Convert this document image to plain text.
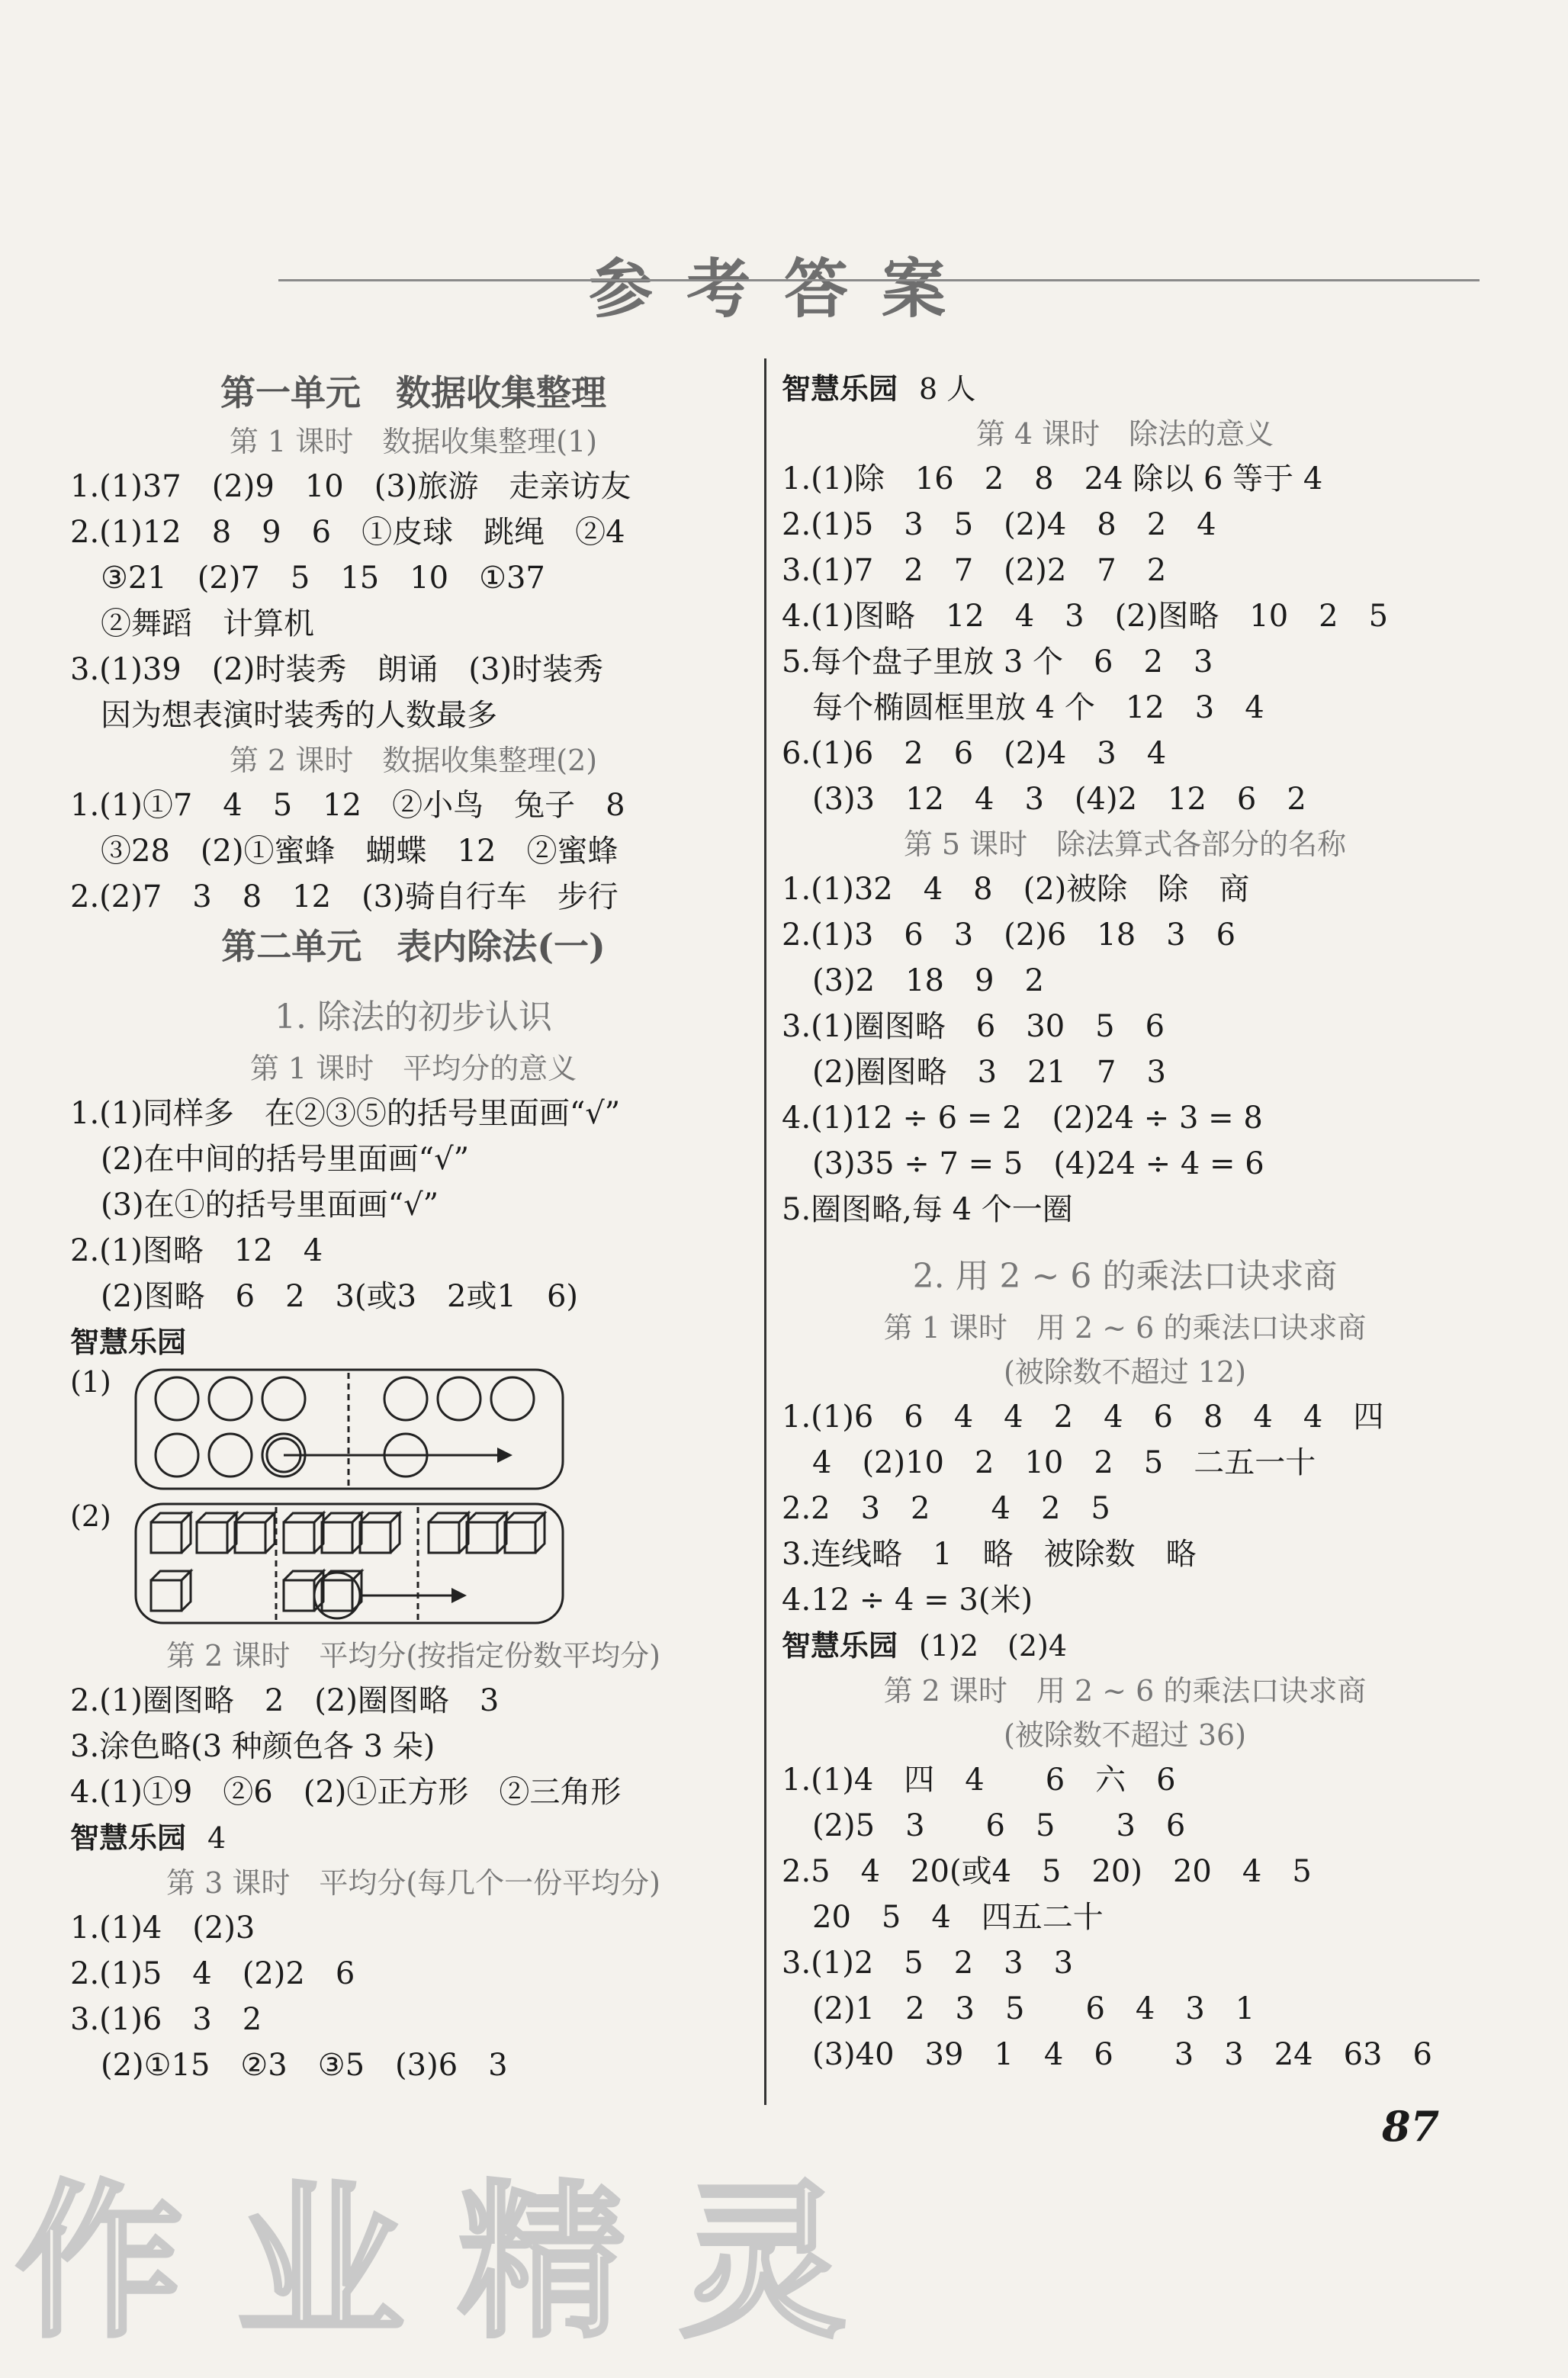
参考答案
第一单元　数据收集整理
第 1 课时　数据收集整理(1)
1.(1)37　(2)9　10　(3)旅游　走亲访友
2.(1)12　8　9　6　①皮球　跳绳　②4
③21　(2)7　5　15　10　①37
②舞蹈　计算机
3.(1)39　(2)时装秀　朗诵　(3)时装秀
因为想表演时装秀的人数最多
第 2 课时　数据收集整理(2)
1.(1)①7　4　5　12　②小鸟　兔子　8
③28　(2)①蜜蜂　蝴蝶　12　②蜜蜂
2.(2)7　3　8　12　(3)骑自行车　步行
第二单元　表内除法(一)
1. 除法的初步认识
第 1 课时　平均分的意义
1.(1)同样多　在②③⑤的括号里面画“√”
(2)在中间的括号里面画“√”
(3)在①的括号里面画“√”
2.(1)图略　12　4
(2)图略　6　2　3(或3　2或1　6)
智慧乐园
(1)
(2)
第 2 课时　平均分(按指定份数平均分)
2.(1)圈图略　2　(2)圈图略　3
3.涂色略(3 种颜色各 3 朵)
4.(1)①9　②6　(2)①正方形　②三角形
智慧乐园 4
第 3 课时　平均分(每几个一份平均分)
1.(1)4　(2)3
2.(1)5　4　(2)2　6
3.(1)6　3　2
(2)①15　②3　③5　(3)6　3
智慧乐园 8 人
第 4 课时　除法的意义
1.(1)除　16　2　8　24 除以 6 等于 4
2.(1)5　3　5　(2)4　8　2　4
3.(1)7　2　7　(2)2　7　2
4.(1)图略　12　4　3　(2)图略　10　2　5
5.每个盘子里放 3 个　6　2　3
每个椭圆框里放 4 个　12　3　4
6.(1)6　2　6　(2)4　3　4
(3)3　12　4　3　(4)2　12　6　2
第 5 课时　除法算式各部分的名称
1.(1)32　4　8　(2)被除　除　商
2.(1)3　6　3　(2)6　18　3　6
(3)2　18　9　2
3.(1)圈图略　6　30　5　6
(2)圈图略　3　21　7　3
4.(1)12 ÷ 6 = 2　(2)24 ÷ 3 = 8
(3)35 ÷ 7 = 5　(4)24 ÷ 4 = 6
5.圈图略,每 4 个一圈
2. 用 2 ~ 6 的乘法口诀求商
第 1 课时　用 2 ~ 6 的乘法口诀求商
(被除数不超过 12)
1.(1)6　6　4　4　2　4　6　8　4　4　四
4　(2)10　2　10　2　5　二五一十
2.2　3　2　　4　2　5
3.连线略　1　略　被除数　略
4.12 ÷ 4 = 3(米)
智慧乐园 (1)2　(2)4
第 2 课时　用 2 ~ 6 的乘法口诀求商
(被除数不超过 36)
1.(1)4　四　4　　6　六　6
(2)5　3　　6　5　　3　6
2.5　4　20(或4　5　20)　20　4　5
20　5　4　四五二十
3.(1)2　5　2　3　3
(2)1　2　3　5　　6　4　3　1
(3)40　39　1　4　6　　3　3　24　63　6
87
作业精灵
